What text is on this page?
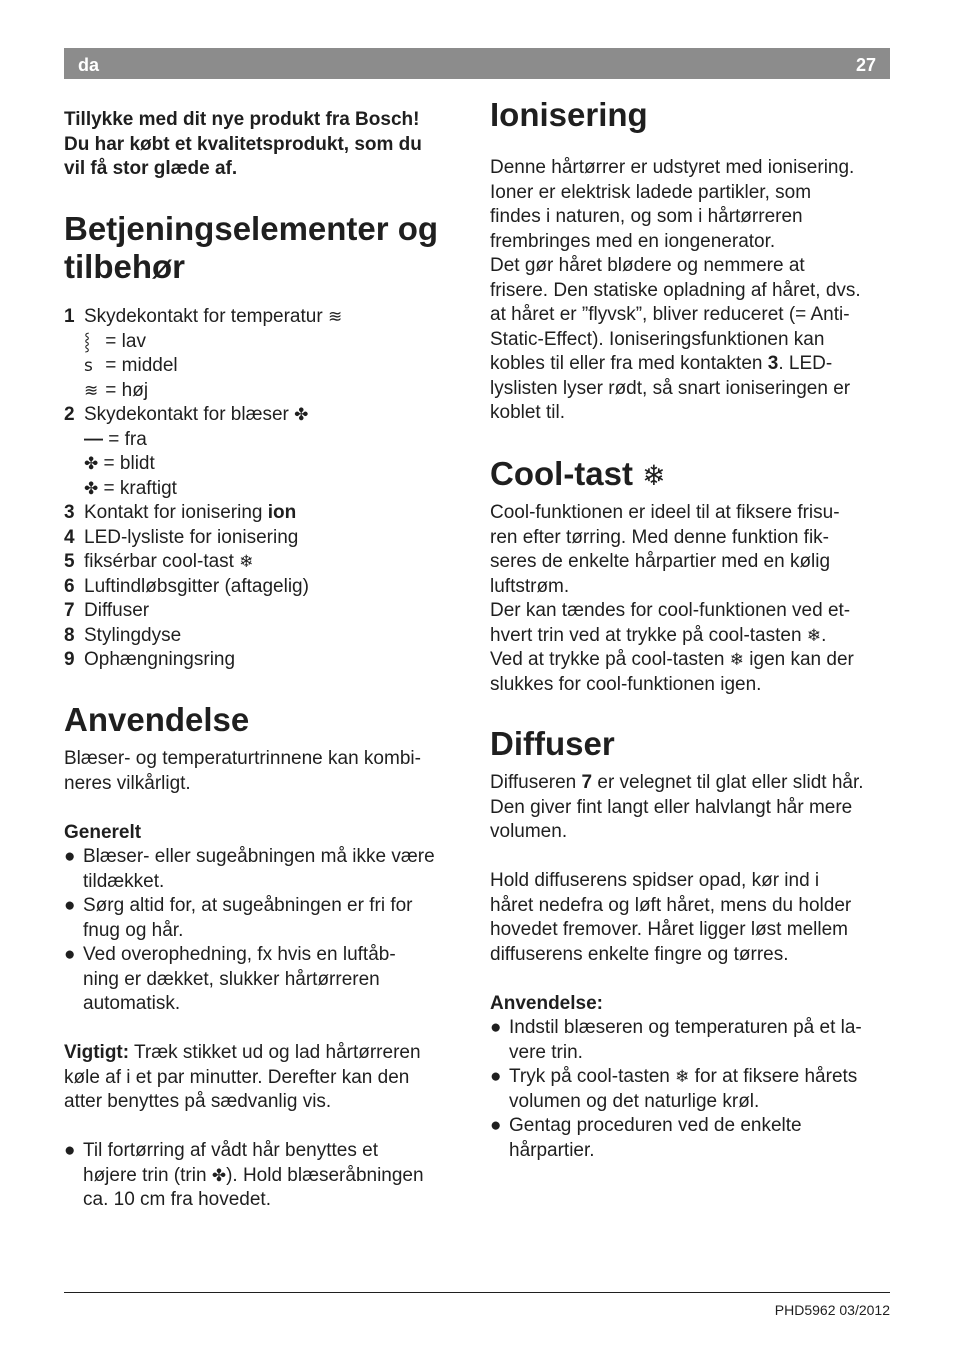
da	27

Tillykke med dit nye produkt fra Bosch!

Du har købt et kvalitetsprodukt, som du

vil få stor glæde af.

Betjeningselementer og
tilbehør

1 Skydekontakt for temperatur ≋

⸾ = lav

ꜱ = middel

≋ = høj

2 Skydekontakt for blæser ✤

— = fra

✤ = blidt

✤ = kraftigt

3 Kontakt for ionisering ion

4 LED-lysliste for ionisering

5 fiksérbar cool-tast ❄

6 Luftindløbsgitter (aftagelig)

7 Diffuser

8 Stylingdyse

9 Ophængningsring

Anvendelse

Blæser- og temperaturtrinnene kan kombi-

neres vilkårligt.

Generelt

● Blæser- eller sugeåbningen må ikke være

tildækket.

● Sørg altid for, at sugeåbningen er fri for

fnug og hår.

● Ved overophedning, fx hvis en luftåb-

ning er dækket, slukker hårtørreren

automatisk.

Vigtigt: Træk stikket ud og lad hårtørreren

køle af i et par minutter. Derefter kan den

atter benyttes på sædvanlig vis.

● Til fortørring af vådt hår benyttes et

højere trin (trin ✤). Hold blæseråbningen

ca. 10 cm fra hovedet.

Ionisering

Denne hårtørrer er udstyret med ionisering.

Ioner er elektrisk ladede partikler, som

findes i naturen, og som i hårtørreren

frembringes med en iongenerator.

Det gør håret blødere og nemmere at

frisere. Den statiske opladning af håret, dvs.

at håret er ”flyvsk”, bliver reduceret (= Anti-

Static-Effect). Ioniseringsfunktionen kan

kobles til eller fra med kontakten 3. LED-

lyslisten lyser rødt, så snart ioniseringen er

koblet til.

Cool-tast ❄

Cool-funktionen er ideel til at fiksere frisu-

ren efter tørring. Med denne funktion fik-

seres de enkelte hårpartier med en kølig

luftstrøm.

Der kan tændes for cool-funktionen ved et-

hvert trin ved at trykke på cool-tasten ❄.

Ved at trykke på cool-tasten ❄ igen kan der

slukkes for cool-funktionen igen.

Diffuser

Diffuseren 7 er velegnet til glat eller slidt hår.

Den giver fint langt eller halvlangt hår mere

volumen.

Hold diffuserens spidser opad, kør ind i

håret nedefra og løft håret, mens du holder

hovedet fremover. Håret ligger løst mellem

diffuserens enkelte fingre og tørres.

Anvendelse:

● Indstil blæseren og temperaturen på et la-

vere trin.

● Tryk på cool-tasten ❄ for at fiksere hårets

volumen og det naturlige krøl.

● Gentag proceduren ved de enkelte

hårpartier.

PHD5962 03/2012
